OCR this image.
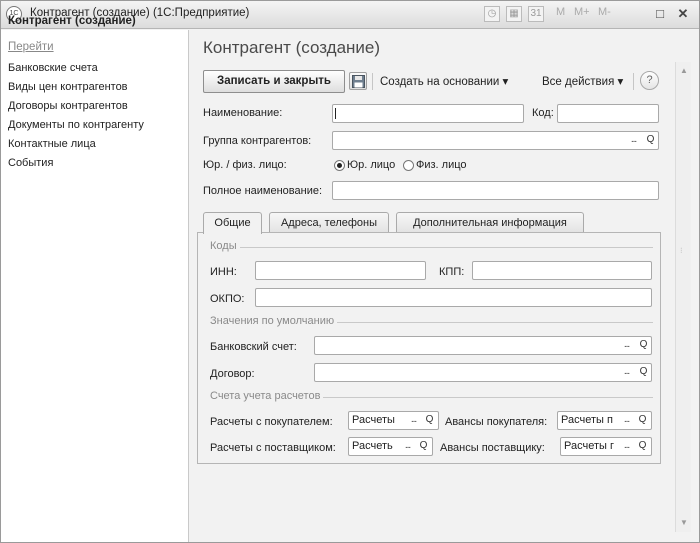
1С	Контрагент (создание) (1С:Предприятие)	◷	▦	31 M M+ M-	□	✕
Контрагент (создание)
Перейти
Банковские счета
Виды цен контрагентов
Договоры контрагентов
Документы по контрагенту
Контактные лица
События
Контрагент (создание)
Записать и закрыть	Создать на основании ▾	Все действия ▾	?
Наименование:	Код:
Группа контрагентов:	...	Q
Юр. / физ. лицо:	Юр. лицо Физ. лицо
Полное наименование:
Общие	Адреса, телефоны	Дополнительная информация
Коды
ИНН:	КПП:
ОКПО:
Значения по умолчанию
Банковский счет:	...	Q
Договор:	...	Q
Счета учета расчетов
Расчеты с покупателем: Расчеты	... Q	Авансы покупателя: Расчеты п	... Q
Расчеты с поставщиком: Расчеть	... Q	Авансы поставщику: Расчеты г ... Q
▲
⁝
▼
